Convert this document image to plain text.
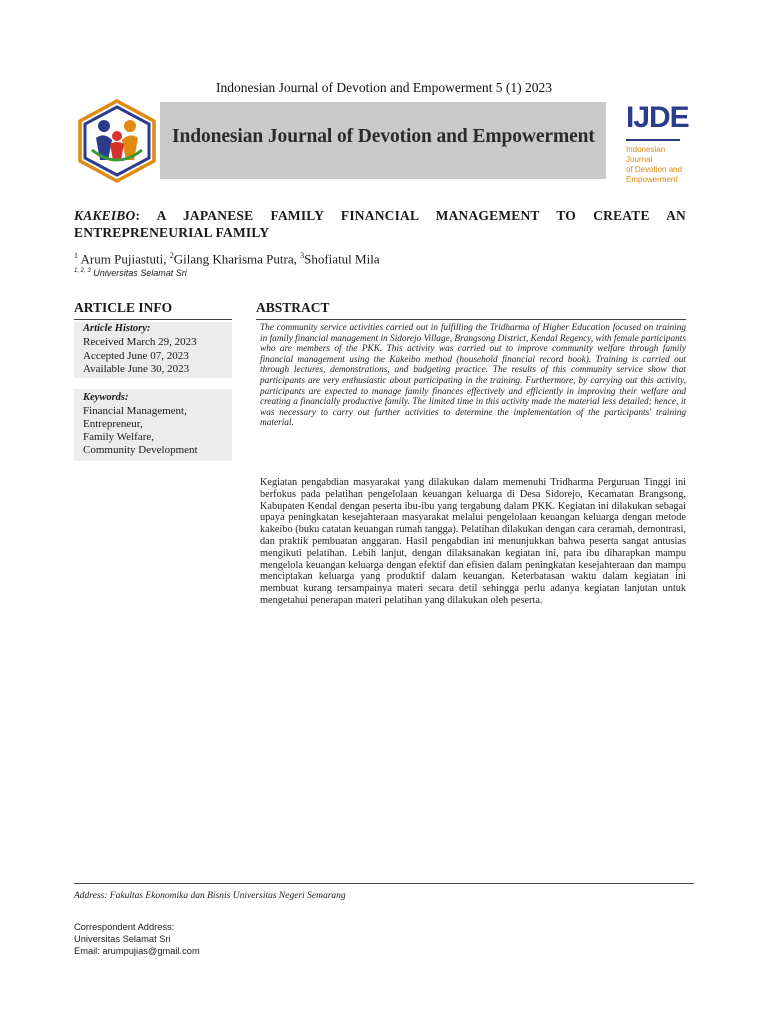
Indonesian Journal of Devotion and Empowerment 5 (1) 2023
Indonesian Journal of Devotion and Empowerment
IJDE
Indonesian Journal
of Devotion and
Empowerment
KAKEIBO: A JAPANESE FAMILY FINANCIAL MANAGEMENT TO CREATE AN ENTREPRENEURIAL FAMILY
$^1$ Arum Pujiastuti, $^2$Gilang Kharisma Putra, $^3$Shofiatul Mila
$^{1, 2, 3}$ Universitas Selamat Sri
ARTICLE INFO	ABSTRACT
Article History:
Received March 29, 2023
Accepted June 07, 2023
Available June 30, 2023
Keywords:
Financial Management,
Entrepreneur,
Family Welfare,
Community Development
The community service activities carried out in fulfilling the Tridharma of Higher Education focused on training in family financial management in Sidorejo Village, Brangsong District, Kendal Regency, with female participants who are members of the PKK. This activity was carried out to improve community welfare through family financial management using the Kakeibo method (household financial record book). Training is carried out through lectures, demonstrations, and budgeting practice. The results of this community service show that participants are very enthusiastic about participating in the training. Furthermore, by carrying out this activity, participants are expected to manage family finances effectively and efficiently in improving their welfare and creating a financially productive family. The limited time in this activity made the material less detailed; hence, it was necessary to carry out further activities to determine the implementation of the participants' training material.
Kegiatan pengabdian masyarakat yang dilakukan dalam memenuhi Tridharma Perguruan Tinggi ini berfokus pada pelatihan pengelolaan keuangan keluarga di Desa Sidorejo, Kecamatan Brangsong, Kabupaten Kendal dengan peserta ibu-ibu yang tergabung dalam PKK. Kegiatan ini dilakukan sebagai upaya peningkatan kesejahteraan masyarakat melalui pengelolaan keuangan keluarga dengan metode kakeibo (buku catatan keuangan rumah tangga). Pelatihan dilakukan dengan cara ceramah, demontrasi, dan praktik pembuatan anggaran. Hasil pengabdian ini menunjukkan bahwa peserta sangat antusias mengikuti pelatihan. Lebih lanjut, dengan dilaksanakan kegiatan ini, para ibu diharapkan mampu mengelola keuangan keluarga dengan efektif dan efisien dalam peningkatan kesejahteraan dan mampu menciptakan keluarga yang produktif dalam keuangan. Keterbatasan waktu dalam kegiatan ini membuat kurang tersampainya materi secara detil sehingga perlu adanya kegiatan lanjutan untuk mengetahui penerapan materi pelatihan yang dilakukan oleh peserta.
Address: Fakultas Ekonomika dan Bisnis Universitas Negeri Semarang
Correspondent Address:
Universitas Selamat Sri
Email: arumpujias@gmail.com
